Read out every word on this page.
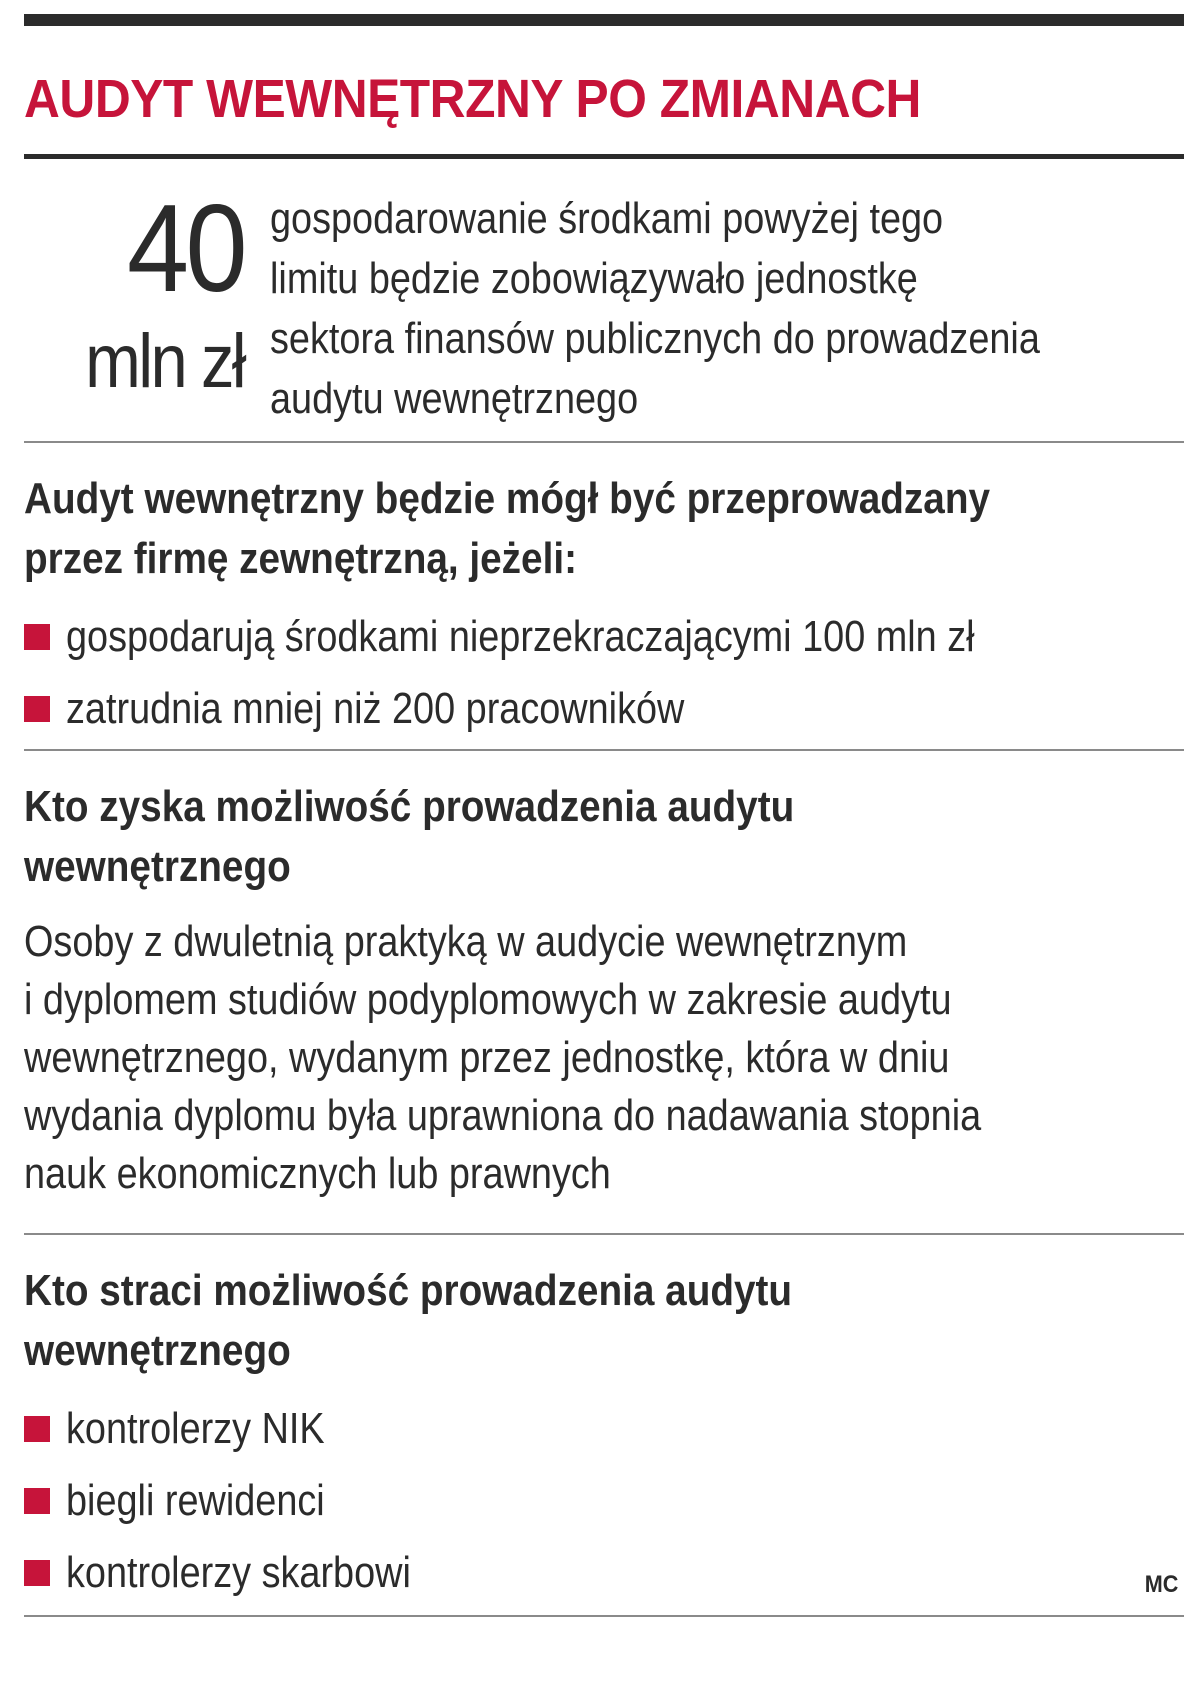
AUDYT WEWNĘTRZNY PO ZMIANACH
40
mln zł
gospodarowanie środkami powyżej tego
limitu będzie zobowiązywało jednostkę
sektora finansów publicznych do prowadzenia
audytu wewnętrznego
Audyt wewnętrzny będzie mógł być przeprowadzany
przez firmę zewnętrzną, jeżeli:
gospodarują środkami nieprzekraczającymi 100 mln zł
zatrudnia mniej niż 200 pracowników
Kto zyska możliwość prowadzenia audytu
wewnętrznego
Osoby z dwuletnią praktyką w audycie wewnętrznym
i dyplomem studiów podyplomowych w zakresie audytu
wewnętrznego, wydanym przez jednostkę, która w dniu
wydania dyplomu była uprawniona do nadawania stopnia
nauk ekonomicznych lub prawnych
Kto straci możliwość prowadzenia audytu
wewnętrznego
kontrolerzy NIK
biegli rewidenci
kontrolerzy skarbowi	MC
